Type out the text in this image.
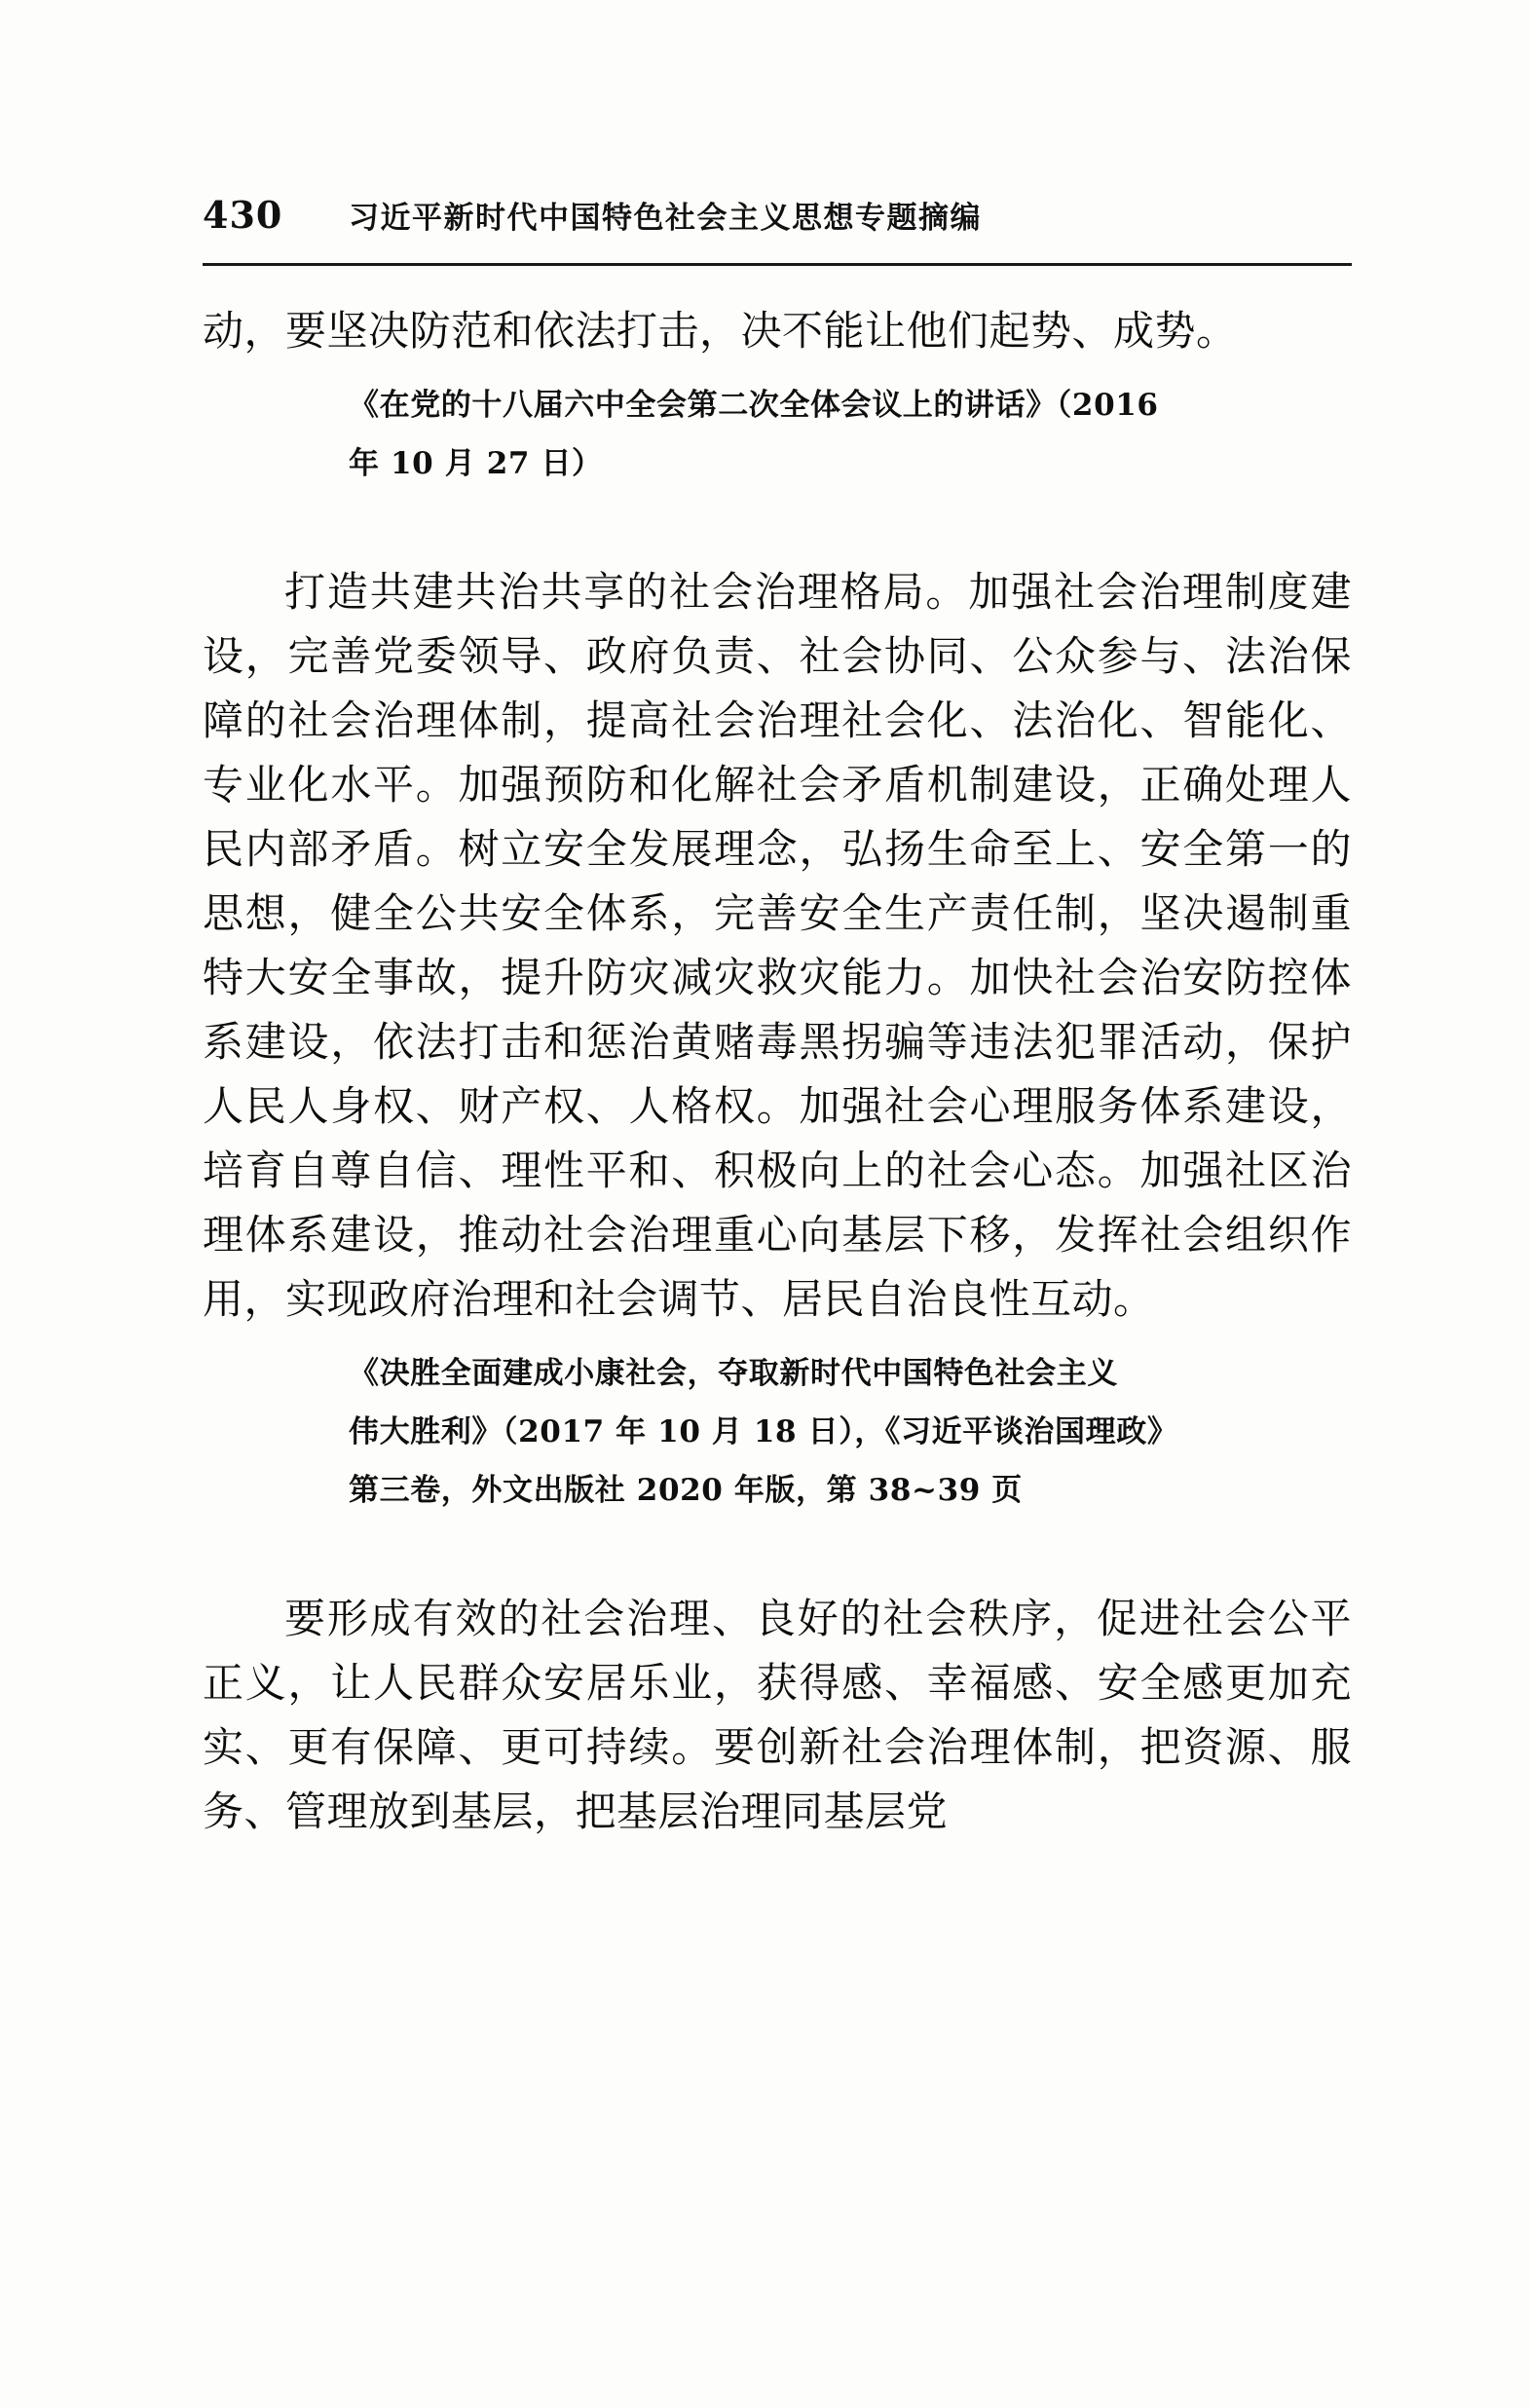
430	习近平新时代中国特色社会主义思想专题摘编

动，要坚决防范和依法打击，决不能让他们起势、成势。

《在党的十八届六中全会第二次全体会议上的讲话》（2016
年 10 月 27 日）

打造共建共治共享的社会治理格局。加强社会治理制度建设，完善党委领导、政府负责、社会协同、公众参与、法治保障的社会治理体制，提高社会治理社会化、法治化、智能化、专业化水平。加强预防和化解社会矛盾机制建设，正确处理人民内部矛盾。树立安全发展理念，弘扬生命至上、安全第一的思想，健全公共安全体系，完善安全生产责任制，坚决遏制重特大安全事故，提升防灾减灾救灾能力。加快社会治安防控体系建设，依法打击和惩治黄赌毒黑拐骗等违法犯罪活动，保护人民人身权、财产权、人格权。加强社会心理服务体系建设，培育自尊自信、理性平和、积极向上的社会心态。加强社区治理体系建设，推动社会治理重心向基层下移，发挥社会组织作用，实现政府治理和社会调节、居民自治良性互动。

《决胜全面建成小康社会，夺取新时代中国特色社会主义
伟大胜利》（2017 年 10 月 18 日），《习近平谈治国理政》
第三卷，外文出版社 2020 年版，第 38~39 页

要形成有效的社会治理、良好的社会秩序，促进社会公平正义，让人民群众安居乐业，获得感、幸福感、安全感更加充实、更有保障、更可持续。要创新社会治理体制，把资源、服务、管理放到基层，把基层治理同基层党
